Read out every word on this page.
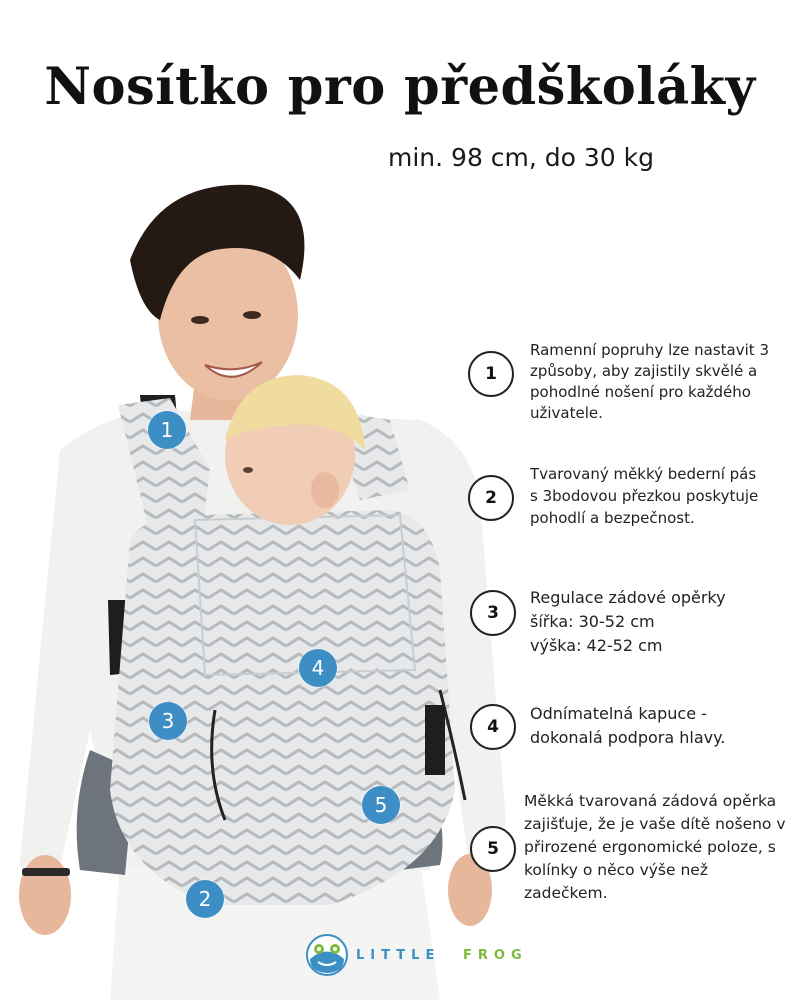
Nosítko pro předškoláky
min. 98 cm, do 30 kg
1
4
3
5
2
1
Ramenní popruhy lze nastavit 3
způsoby, aby zajistily skvělé a
pohodlné nošení pro každého
uživatele.
2
Tvarovaný měkký bederní pás
s 3bodovou přezkou poskytuje
pohodlí a bezpečnost.
3
Regulace zádové opěrky
šířka: 30-52 cm
výška: 42-52 cm
4
Odnímatelná kapuce -
dokonalá podpora hlavy.
5
Měkká tvarovaná zádová opěrka
zajišťuje, že je vaše dítě nošeno v
přirozené ergonomické poloze, s
kolínky o něco výše než
zadečkem.
LITTLE FROG
